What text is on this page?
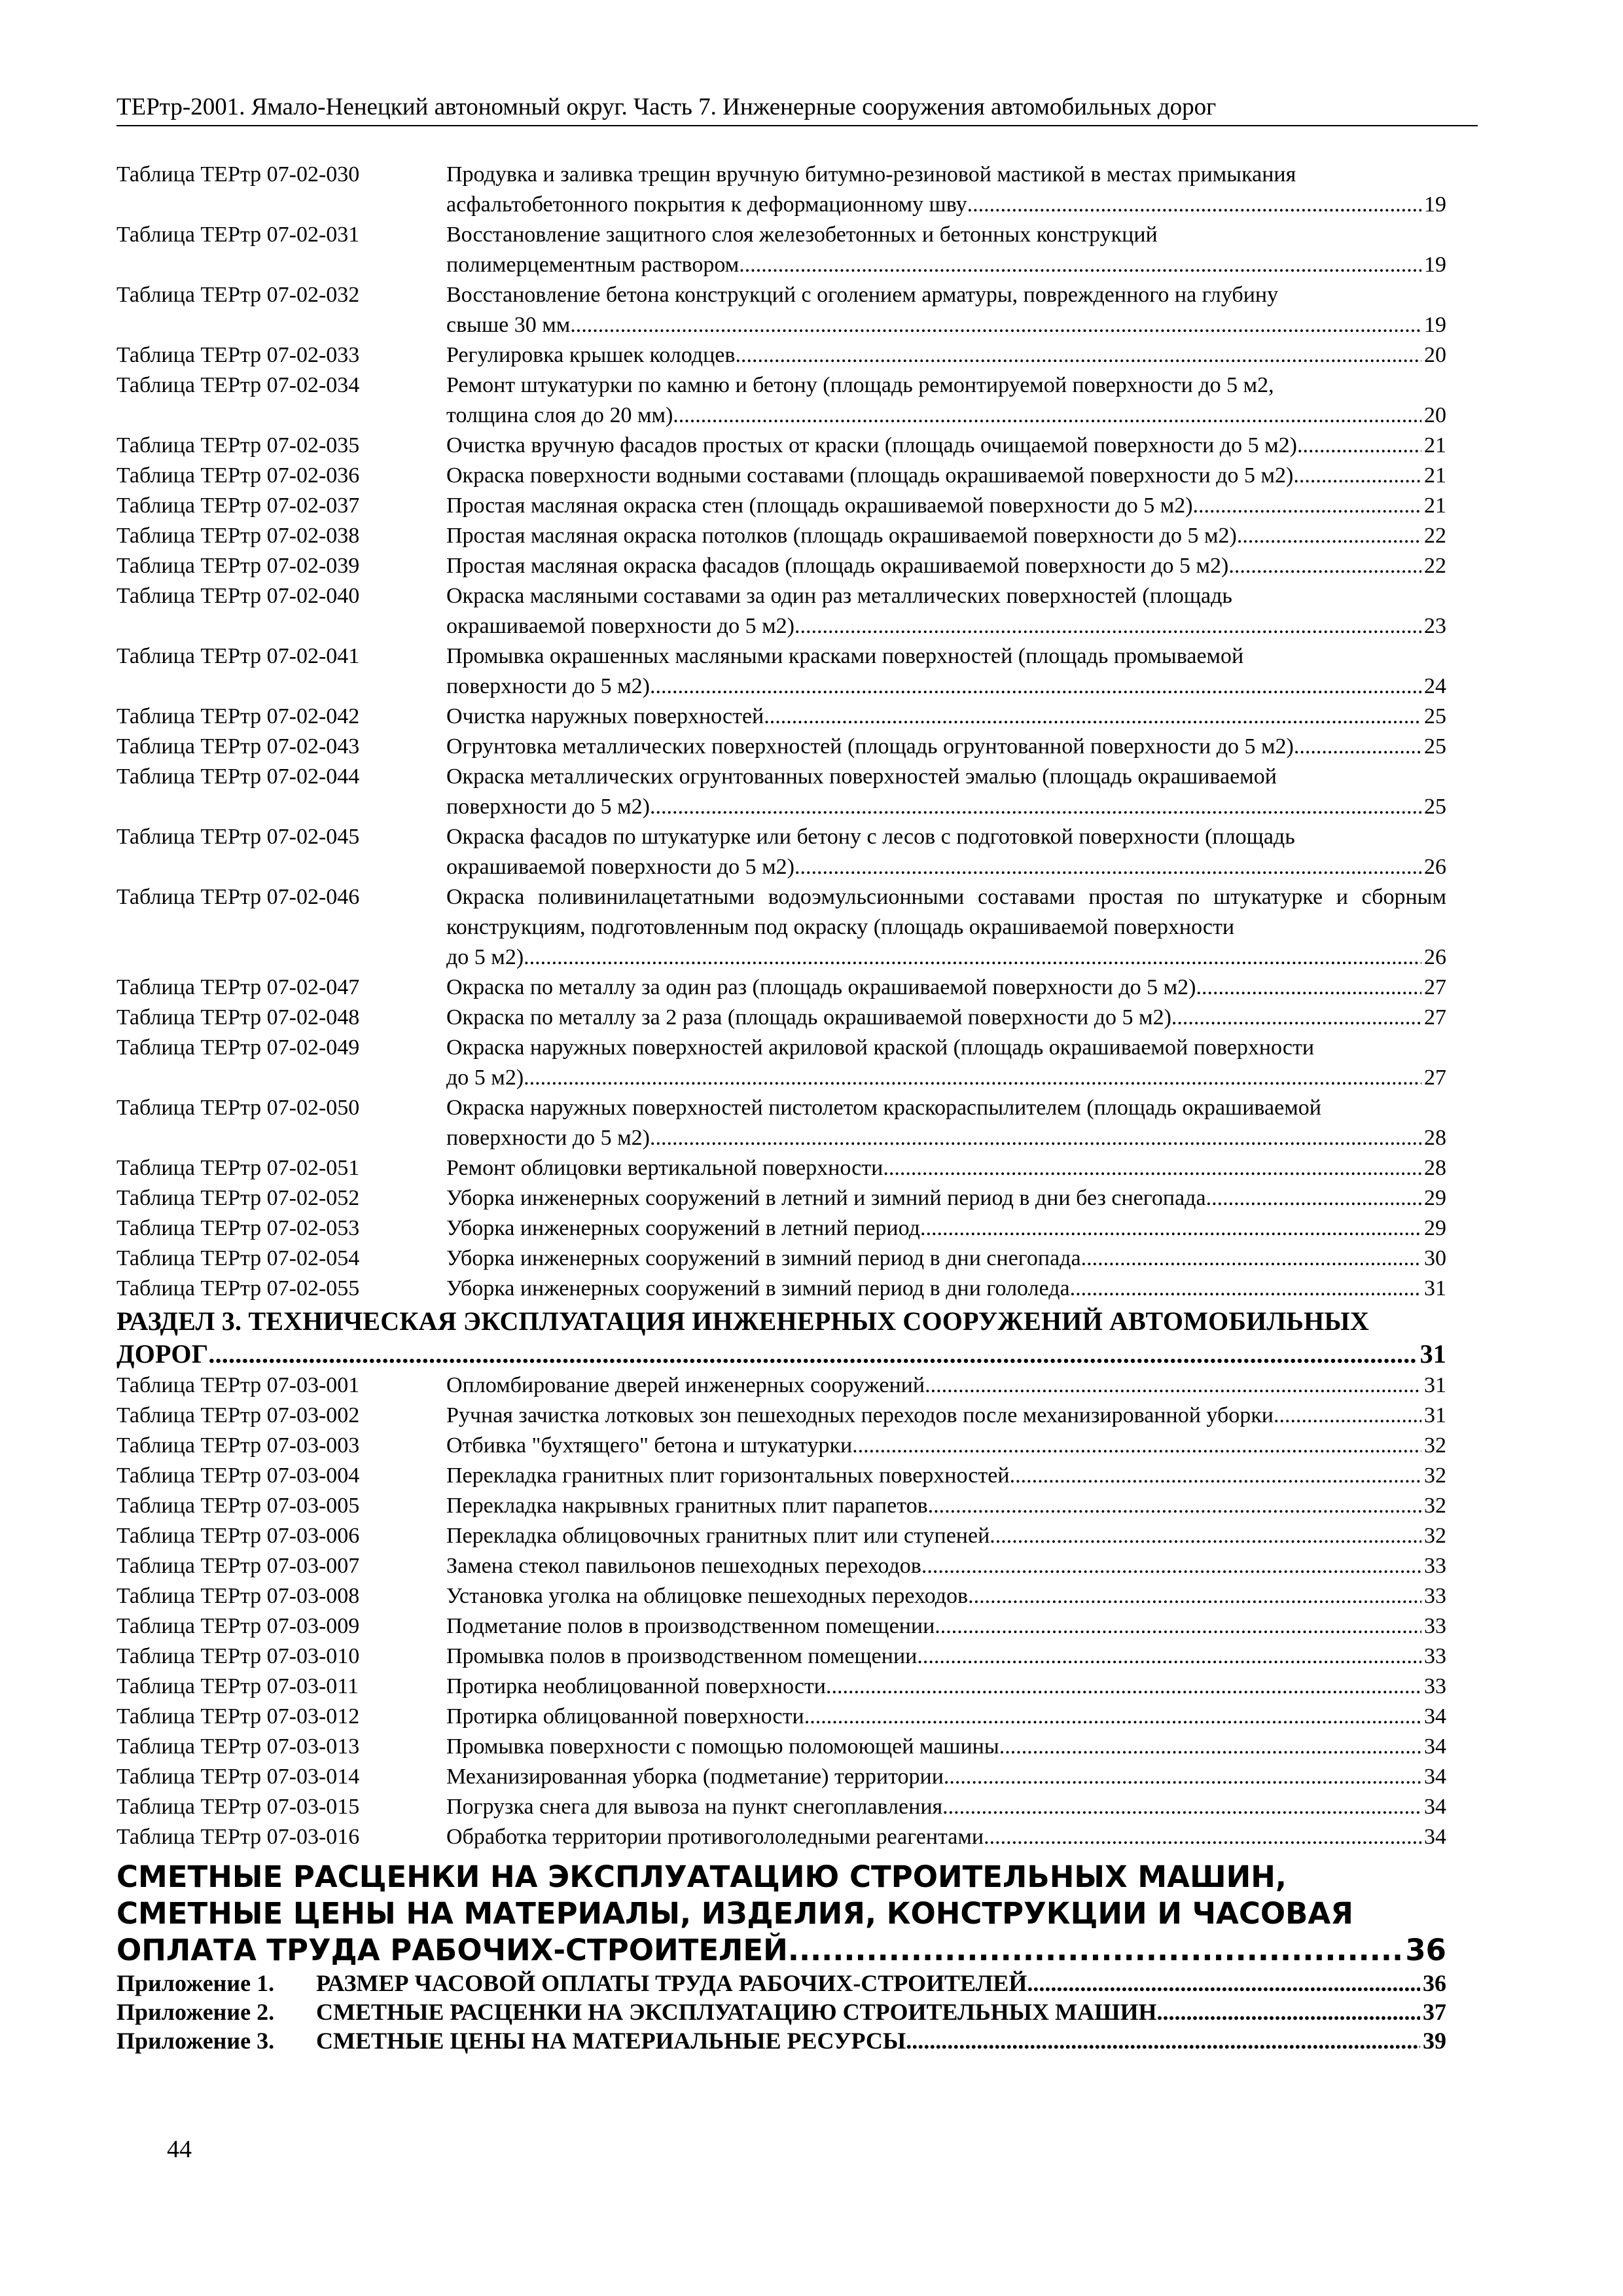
ТЕРтр-2001. Ямало-Ненецкий автономный округ. Часть 7. Инженерные сооружения автомобильных дорог
Таблица ТЕРтр 07-02-030	Продувка и заливка трещин вручную битумно-резиновой мастикой в местах примыкания
асфальтобетонного покрытия к деформационному шву .....	19
Таблица ТЕРтр 07-02-031	Восстановление защитного слоя железобетонных и бетонных конструкций
полимерцементным раствором .....	19
Таблица ТЕРтр 07-02-032	Восстановление бетона конструкций с оголением арматуры, поврежденного на глубину
свыше 30 мм .....	19
Таблица ТЕРтр 07-02-033	Регулировка крышек колодцев .....	20
Таблица ТЕРтр 07-02-034	Ремонт штукатурки по камню и бетону (площадь ремонтируемой поверхности до 5 м2,
толщина слоя до 20 мм) .....	20
Таблица ТЕРтр 07-02-035	Очистка вручную фасадов простых от краски (площадь очищаемой поверхности до 5 м2) .....	21
Таблица ТЕРтр 07-02-036	Окраска поверхности водными составами (площадь окрашиваемой поверхности до 5 м2) .....	21
Таблица ТЕРтр 07-02-037	Простая масляная окраска стен (площадь окрашиваемой поверхности до 5 м2) .....	21
Таблица ТЕРтр 07-02-038	Простая масляная окраска потолков (площадь окрашиваемой поверхности до 5 м2) .....	22
Таблица ТЕРтр 07-02-039	Простая масляная окраска фасадов (площадь окрашиваемой поверхности до 5 м2) .....	22
Таблица ТЕРтр 07-02-040	Окраска масляными составами за один раз металлических поверхностей (площадь
окрашиваемой поверхности до 5 м2) .....	23
Таблица ТЕРтр 07-02-041	Промывка окрашенных масляными красками поверхностей (площадь промываемой
поверхности до 5 м2) .....	24
Таблица ТЕРтр 07-02-042	Очистка наружных поверхностей .....	25
Таблица ТЕРтр 07-02-043	Огрунтовка металлических поверхностей (площадь огрунтованной поверхности до 5 м2) .....	25
Таблица ТЕРтр 07-02-044	Окраска металлических огрунтованных поверхностей эмалью (площадь окрашиваемой
поверхности до 5 м2) .....	25
Таблица ТЕРтр 07-02-045	Окраска фасадов по штукатурке или бетону с лесов с подготовкой поверхности (площадь
окрашиваемой поверхности до 5 м2) .....	26
Таблица ТЕРтр 07-02-046	Окраска поливинилацетатными водоэмульсионными составами простая по штукатурке и сборным конструкциям, подготовленным под окраску (площадь окрашиваемой поверхности
до 5 м2) .....	26
Таблица ТЕРтр 07-02-047	Окраска по металлу за один раз (площадь окрашиваемой поверхности до 5 м2) .....	27
Таблица ТЕРтр 07-02-048	Окраска по металлу за 2 раза (площадь окрашиваемой поверхности до 5 м2) .....	27
Таблица ТЕРтр 07-02-049	Окраска наружных поверхностей акриловой краской (площадь окрашиваемой поверхности
до 5 м2) .....	27
Таблица ТЕРтр 07-02-050	Окраска наружных поверхностей пистолетом краскораспылителем (площадь окрашиваемой
поверхности до 5 м2) .....	28
Таблица ТЕРтр 07-02-051	Ремонт облицовки вертикальной поверхности .....	28
Таблица ТЕРтр 07-02-052	Уборка инженерных сооружений в летний и зимний период в дни без снегопада .....	29
Таблица ТЕРтр 07-02-053	Уборка инженерных сооружений в летний период .....	29
Таблица ТЕРтр 07-02-054	Уборка инженерных сооружений в зимний период в дни снегопада .....	30
Таблица ТЕРтр 07-02-055	Уборка инженерных сооружений в зимний период в дни гололеда .....	31
РАЗДЕЛ 3. ТЕХНИЧЕСКАЯ ЭКСПЛУАТАЦИЯ ИНЖЕНЕРНЫХ СООРУЖЕНИЙ АВТОМОБИЛЬНЫХ
ДОРОГ .....	31
Таблица ТЕРтр 07-03-001	Опломбирование дверей инженерных сооружений .....	31
Таблица ТЕРтр 07-03-002	Ручная зачистка лотковых зон пешеходных переходов после механизированной уборки .....	31
Таблица ТЕРтр 07-03-003	Отбивка "бухтящего" бетона и штукатурки .....	32
Таблица ТЕРтр 07-03-004	Перекладка гранитных плит горизонтальных поверхностей .....	32
Таблица ТЕРтр 07-03-005	Перекладка накрывных гранитных плит парапетов .....	32
Таблица ТЕРтр 07-03-006	Перекладка облицовочных гранитных плит или ступеней .....	32
Таблица ТЕРтр 07-03-007	Замена стекол павильонов пешеходных переходов .....	33
Таблица ТЕРтр 07-03-008	Установка уголка на облицовке пешеходных переходов .....	33
Таблица ТЕРтр 07-03-009	Подметание полов в производственном помещении .....	33
Таблица ТЕРтр 07-03-010	Промывка полов в производственном помещении .....	33
Таблица ТЕРтр 07-03-011	Протирка необлицованной поверхности .....	33
Таблица ТЕРтр 07-03-012	Протирка облицованной поверхности .....	34
Таблица ТЕРтр 07-03-013	Промывка поверхности с помощью поломоющей машины .....	34
Таблица ТЕРтр 07-03-014	Механизированная уборка (подметание) территории .....	34
Таблица ТЕРтр 07-03-015	Погрузка снега для вывоза на пункт снегоплавления .....	34
Таблица ТЕРтр 07-03-016	Обработка территории противогололедными реагентами .....	34
СМЕТНЫЕ РАСЦЕНКИ НА ЭКСПЛУАТАЦИЮ СТРОИТЕЛЬНЫХ МАШИН,
СМЕТНЫЕ ЦЕНЫ НА МАТЕРИАЛЫ, ИЗДЕЛИЯ, КОНСТРУКЦИИ И ЧАСОВАЯ
ОПЛАТА ТРУДА РАБОЧИХ-СТРОИТЕЛЕЙ .....	36
Приложение 1.	РАЗМЕР ЧАСОВОЙ ОПЛАТЫ ТРУДА РАБОЧИХ-СТРОИТЕЛЕЙ .....	36
Приложение 2.	СМЕТНЫЕ РАСЦЕНКИ НА ЭКСПЛУАТАЦИЮ СТРОИТЕЛЬНЫХ МАШИН .....	37
Приложение 3.	СМЕТНЫЕ ЦЕНЫ НА МАТЕРИАЛЬНЫЕ РЕСУРСЫ .....	39
44
